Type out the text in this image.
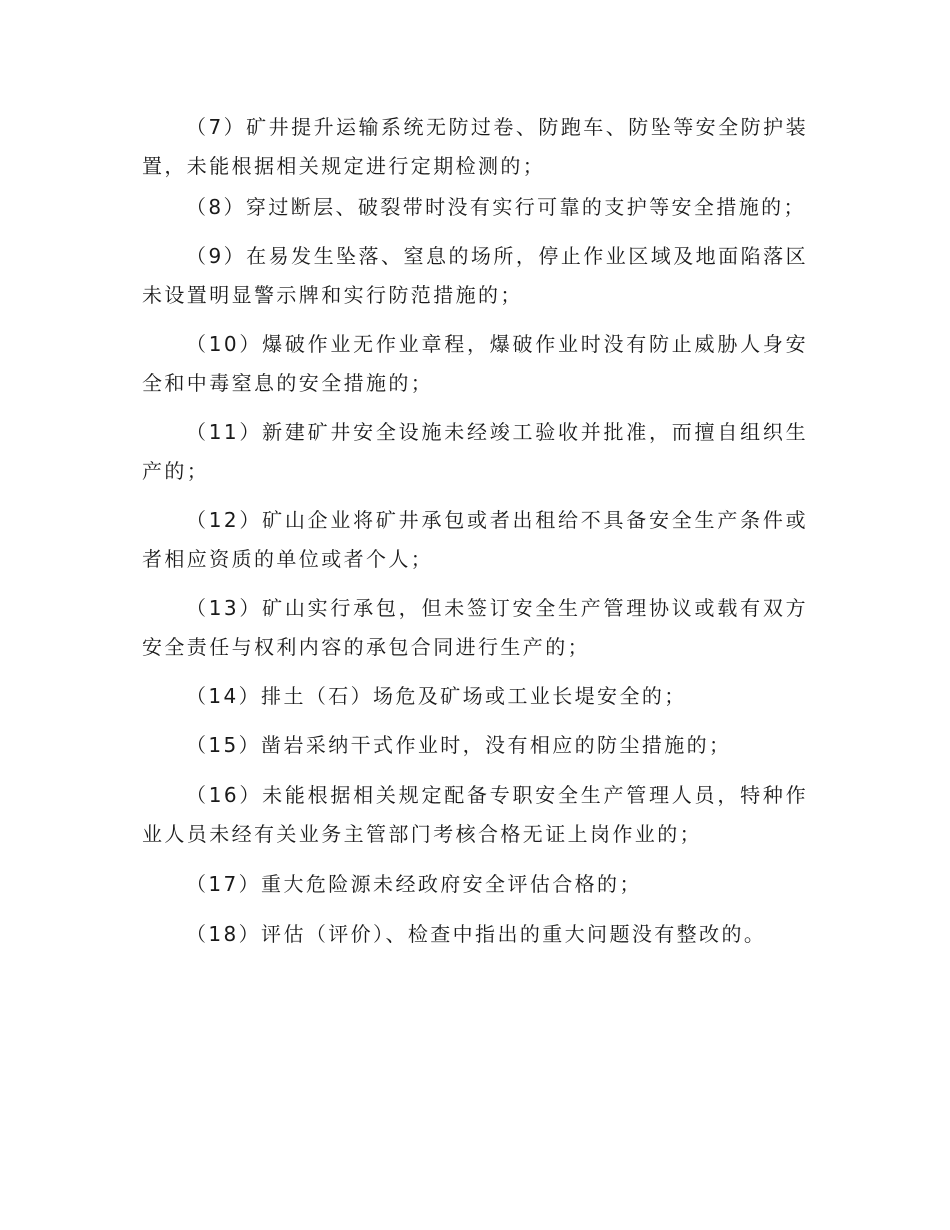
（7）矿井提升运输系统无防过卷、防跑车、防坠等安全防护装置，未能根据相关规定进行定期检测的；

（8）穿过断层、破裂带时没有实行可靠的支护等安全措施的；

（9）在易发生坠落、窒息的场所，停止作业区域及地面陷落区未设置明显警示牌和实行防范措施的；

（10）爆破作业无作业章程，爆破作业时没有防止威胁人身安全和中毒窒息的安全措施的；

（11）新建矿井安全设施未经竣工验收并批准，而擅自组织生产的；

（12）矿山企业将矿井承包或者出租给不具备安全生产条件或者相应资质的单位或者个人；

（13）矿山实行承包，但未签订安全生产管理协议或载有双方安全责任与权利内容的承包合同进行生产的；

（14）排土（石）场危及矿场或工业长堤安全的；

（15）凿岩采纳干式作业时，没有相应的防尘措施的；

（16）未能根据相关规定配备专职安全生产管理人员，特种作业人员未经有关业务主管部门考核合格无证上岗作业的；

（17）重大危险源未经政府安全评估合格的；

（18）评估（评价）、检查中指出的重大问题没有整改的。
